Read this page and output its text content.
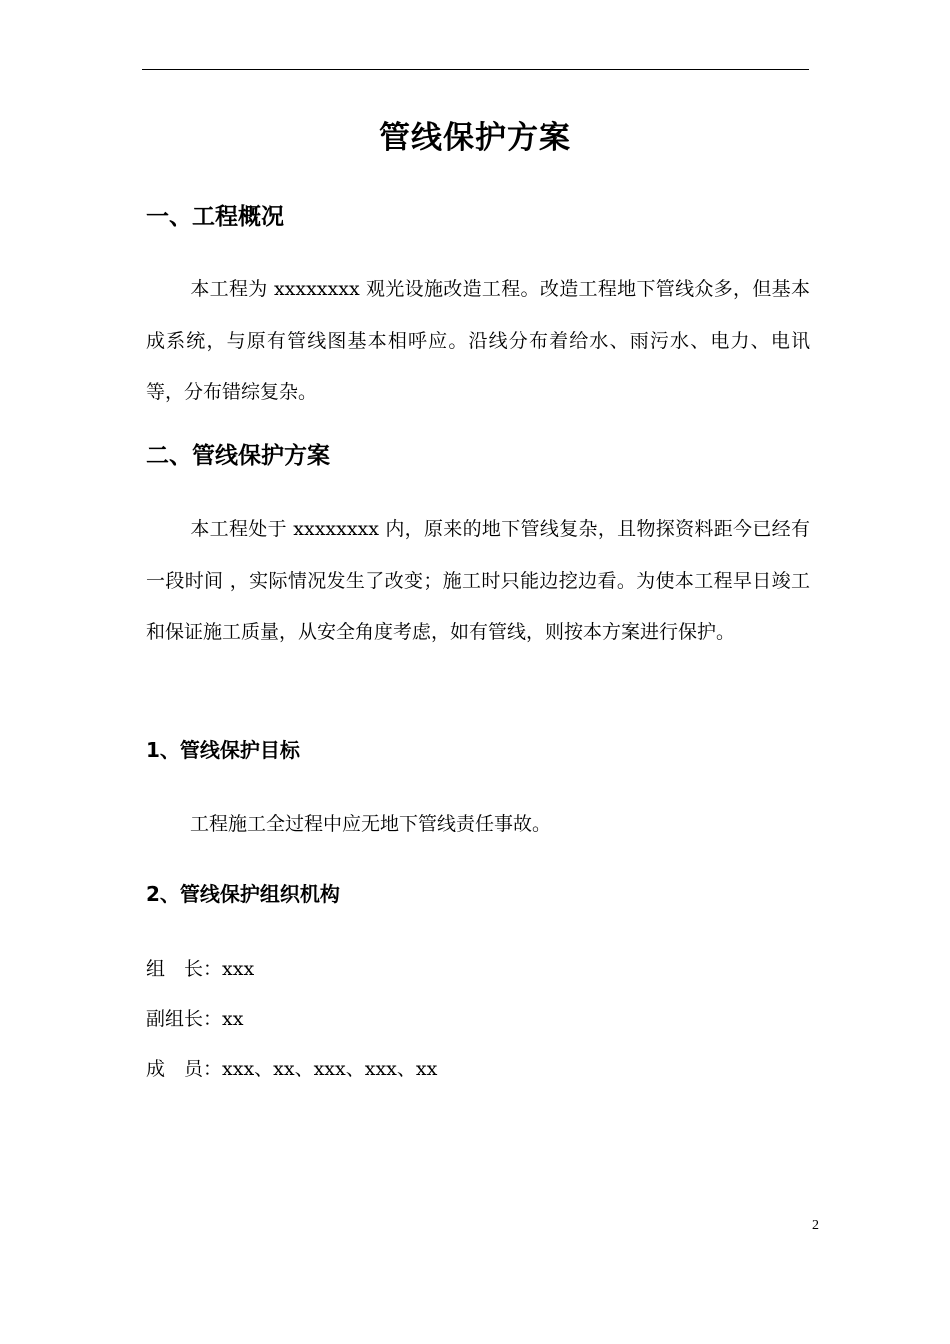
管线保护方案
一、工程概况
本工程为 xxxxxxxx 观光设施改造工程。改造工程地下管线众多，但基本成系统，与原有管线图基本相呼应。沿线分布着给水、雨污水、电力、电讯等，分布错综复杂。
二、管线保护方案
本工程处于 xxxxxxxx 内，原来的地下管线复杂，且物探资料距今已经有一段时间 ，实际情况发生了改变；施工时只能边挖边看。为使本工程早日竣工和保证施工质量，从安全角度考虑，如有管线，则按本方案进行保护。
1、管线保护目标
工程施工全过程中应无地下管线责任事故。
2、管线保护组织机构
组　长：xxx
副组长：xx
成　员：xxx、xx、xxx、xxx、xx
2
